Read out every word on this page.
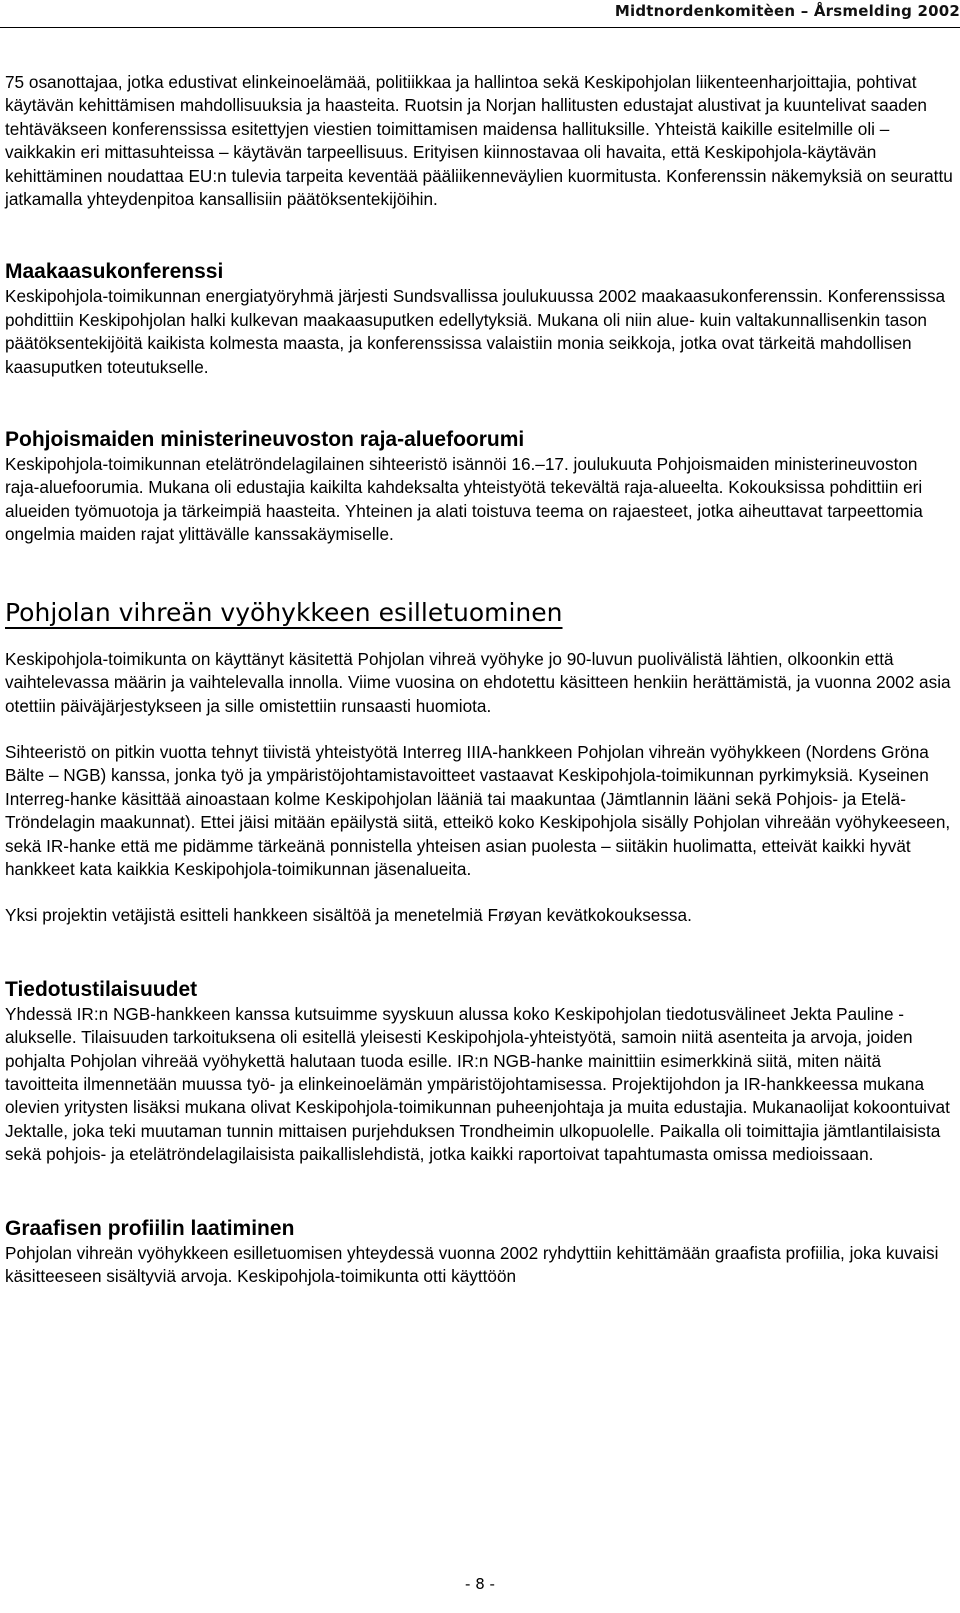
Midtnordenkomitèen – Årsmelding 2002

75 osanottajaa, jotka edustivat elinkeinoelämää, politiikkaa ja hallintoa sekä Keskipohjolan liikenteenharjoittajia, pohtivat käytävän kehittämisen mahdollisuuksia ja haasteita. Ruotsin ja Norjan hallitusten edustajat alustivat ja kuuntelivat saaden tehtäväkseen konferenssissa esitettyjen viestien toimittamisen maidensa hallituksille. Yhteistä kaikille esitelmille oli – vaikkakin eri mittasuhteissa – käytävän tarpeellisuus. Erityisen kiinnostavaa oli havaita, että Keskipohjola-käytävän kehittäminen noudattaa EU:n tulevia tarpeita keventää pääliikenneväylien kuormitusta. Konferenssin näkemyksiä on seurattu jatkamalla yhteydenpitoa kansallisiin päätöksentekijöihin.

Maakaasukonferenssi

Keskipohjola-toimikunnan energiatyöryhmä järjesti Sundsvallissa joulukuussa 2002 maakaasukonferenssin. Konferenssissa pohdittiin Keskipohjolan halki kulkevan maakaasuputken edellytyksiä. Mukana oli niin alue- kuin valtakunnallisenkin tason päätöksentekijöitä kaikista kolmesta maasta, ja konferenssissa valaistiin monia seikkoja, jotka ovat tärkeitä mahdollisen kaasuputken toteutukselle.

Pohjoismaiden ministerineuvoston raja-aluefoorumi

Keskipohjola-toimikunnan etelätröndelagilainen sihteeristö isännöi 16.–17. joulukuuta Pohjoismaiden ministerineuvoston raja-aluefoorumia. Mukana oli edustajia kaikilta kahdeksalta yhteistyötä tekevältä raja-alueelta. Kokouksissa pohdittiin eri alueiden työmuotoja ja tärkeimpiä haasteita. Yhteinen ja alati toistuva teema on rajaesteet, jotka aiheuttavat tarpeettomia ongelmia maiden rajat ylittävälle kanssakäymiselle.

Pohjolan vihreän vyöhykkeen esilletuominen

Keskipohjola-toimikunta on käyttänyt käsitettä Pohjolan vihreä vyöhyke jo 90-luvun puolivälistä lähtien, olkoonkin että vaihtelevassa määrin ja vaihtelevalla innolla. Viime vuosina on ehdotettu käsitteen henkiin herättämistä, ja vuonna 2002 asia otettiin päiväjärjestykseen ja sille omistettiin runsaasti huomiota.

Sihteeristö on pitkin vuotta tehnyt tiivistä yhteistyötä Interreg IIIA-hankkeen Pohjolan vihreän vyöhykkeen (Nordens Gröna Bälte – NGB) kanssa, jonka työ ja ympäristöjohtamistavoitteet vastaavat Keskipohjola-toimikunnan pyrkimyksiä. Kyseinen Interreg-hanke käsittää ainoastaan kolme Keskipohjolan lääniä tai maakuntaa (Jämtlannin lääni sekä Pohjois- ja Etelä-Tröndelagin maakunnat). Ettei jäisi mitään epäilystä siitä, etteikö koko Keskipohjola sisälly Pohjolan vihreään vyöhykeeseen, sekä IR-hanke että me pidämme tärkeänä ponnistella yhteisen asian puolesta – siitäkin huolimatta, etteivät kaikki hyvät hankkeet kata kaikkia Keskipohjola-toimikunnan jäsenalueita.

Yksi projektin vetäjistä esitteli hankkeen sisältöä ja menetelmiä Frøyan kevätkokouksessa.

Tiedotustilaisuudet

Yhdessä IR:n NGB-hankkeen kanssa kutsuimme syyskuun alussa koko Keskipohjolan tiedotusvälineet Jekta Pauline -alukselle. Tilaisuuden tarkoituksena oli esitellä yleisesti Keskipohjola-yhteistyötä, samoin niitä asenteita ja arvoja, joiden pohjalta Pohjolan vihreää vyöhykettä halutaan tuoda esille. IR:n NGB-hanke mainittiin esimerkkinä siitä, miten näitä tavoitteita ilmennetään muussa työ- ja elinkeinoelämän ympäristöjohtamisessa. Projektijohdon ja IR-hankkeessa mukana olevien yritysten lisäksi mukana olivat Keskipohjola-toimikunnan puheenjohtaja ja muita edustajia. Mukanaolijat kokoontuivat Jektalle, joka teki muutaman tunnin mittaisen purjehduksen Trondheimin ulkopuolelle. Paikalla oli toimittajia jämtlantilaisista sekä pohjois- ja etelätröndelagilaisista paikallislehdistä, jotka kaikki raportoivat tapahtumasta omissa medioissaan.

Graafisen profiilin laatiminen

Pohjolan vihreän vyöhykkeen esilletuomisen yhteydessä vuonna 2002 ryhdyttiin kehittämään graafista profiilia, joka kuvaisi käsitteeseen sisältyviä arvoja. Keskipohjola-toimikunta otti käyttöön

- 8 -
